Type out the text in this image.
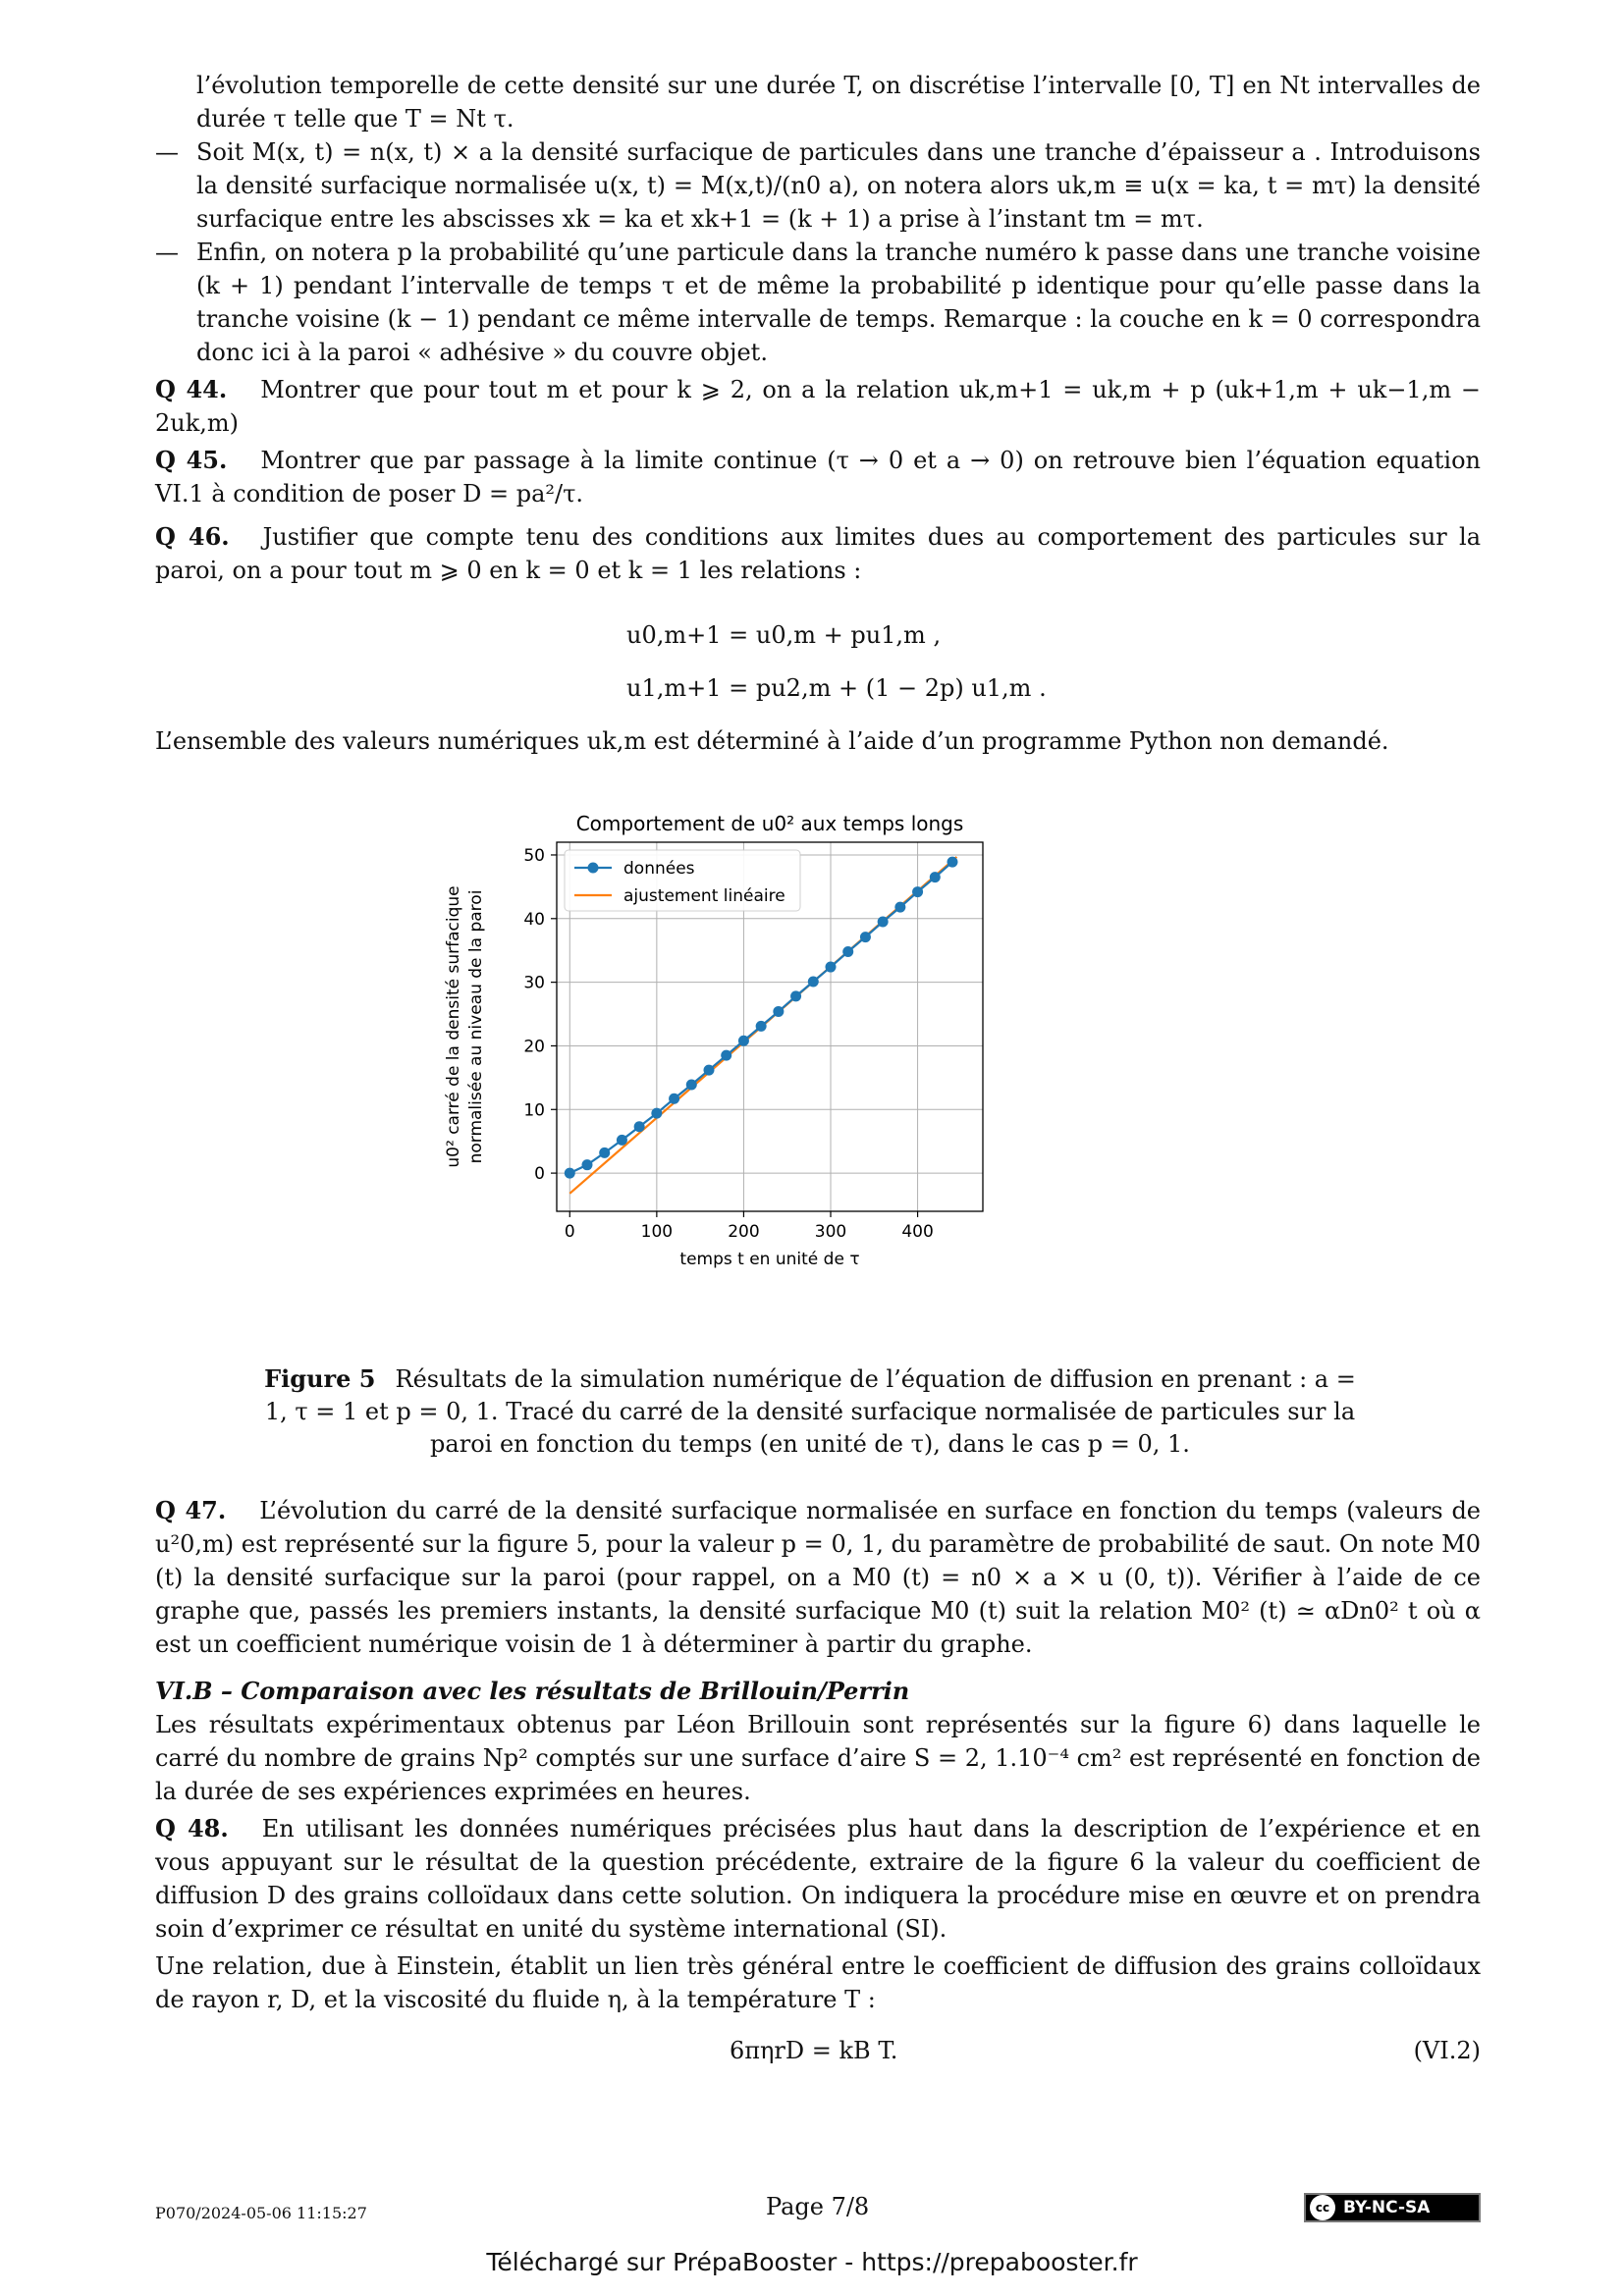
l’évolution temporelle de cette densité sur une durée T, on discrétise l’intervalle [0, T] en Nt intervalles de durée τ telle que T = Nt τ.

— Soit M(x, t) = n(x, t) × a la densité surfacique de particules dans une tranche d’épaisseur a . Introduisons la densité surfacique normalisée u(x, t) = M(x,t)/(n0 a), on notera alors uk,m ≡ u(x = ka, t = mτ) la densité surfacique entre les abscisses xk = ka et xk+1 = (k + 1) a prise à l’instant tm = mτ.
— Enfin, on notera p la probabilité qu’une particule dans la tranche numéro k passe dans une tranche voisine (k + 1) pendant l’intervalle de temps τ et de même la probabilité p identique pour qu’elle passe dans la tranche voisine (k − 1) pendant ce même intervalle de temps. Remarque : la couche en k = 0 correspondra donc ici à la paroi « adhésive » du couvre objet.

Q 44. Montrer que pour tout m et pour k ⩾ 2, on a la relation uk,m+1 = uk,m + p (uk+1,m + uk−1,m − 2uk,m)

Q 45. Montrer que par passage à la limite continue (τ → 0 et a → 0) on retrouve bien l’équation equation VI.1 à condition de poser D = pa²/τ.

Q 46. Justifier que compte tenu des conditions aux limites dues au comportement des particules sur la paroi, on a pour tout m ⩾ 0 en k = 0 et k = 1 les relations :

u0,m+1 = u0,m + pu1,m ,
u1,m+1 = pu2,m + (1 − 2p) u1,m .

L’ensemble des valeurs numériques uk,m est déterminé à l’aide d’un programme Python non demandé.

0	100	200	300	400
0
10
20
30
40
50
Comportement de u0² aux temps longs
temps t en unité de τ
u0² carré de la densité surfacique normalisée au niveau de la paroi
données
ajustement linéaire
Figure 5 Résultats de la simulation numérique de l’équation de diffusion en prenant : a = 1, τ = 1 et p = 0, 1. Tracé du carré de la densité surfacique normalisée de particules sur la paroi en fonction du temps (en unité de τ), dans le cas p = 0, 1.

Q 47. L’évolution du carré de la densité surfacique normalisée en surface en fonction du temps (valeurs de u²0,m) est représenté sur la figure 5, pour la valeur p = 0, 1, du paramètre de probabilité de saut. On note M0 (t) la densité surfacique sur la paroi (pour rappel, on a M0 (t) = n0 × a × u (0, t)). Vérifier à l’aide de ce graphe que, passés les premiers instants, la densité surfacique M0 (t) suit la relation M0² (t) ≃ αDn0² t où α est un coefficient numérique voisin de 1 à déterminer à partir du graphe.

VI.B – Comparaison avec les résultats de Brillouin/Perrin

Les résultats expérimentaux obtenus par Léon Brillouin sont représentés sur la figure 6) dans laquelle le carré du nombre de grains Np² comptés sur une surface d’aire S = 2, 1.10⁻⁴ cm² est représenté en fonction de la durée de ses expériences exprimées en heures.

Q 48. En utilisant les données numériques précisées plus haut dans la description de l’expérience et en vous appuyant sur le résultat de la question précédente, extraire de la figure 6 la valeur du coefficient de diffusion D des grains colloïdaux dans cette solution. On indiquera la procédure mise en œuvre et on prendra soin d’exprimer ce résultat en unité du système international (SI).

Une relation, due à Einstein, établit un lien très général entre le coefficient de diffusion des grains colloïdaux de rayon r, D, et la viscosité du fluide η, à la température T :

6πηrD = kB T.	(VI.2)
P070/2024-05-06 11:15:27	Page 7/8	cc BY-NC-SA
Téléchargé sur PrépaBooster - https://prepabooster.fr
